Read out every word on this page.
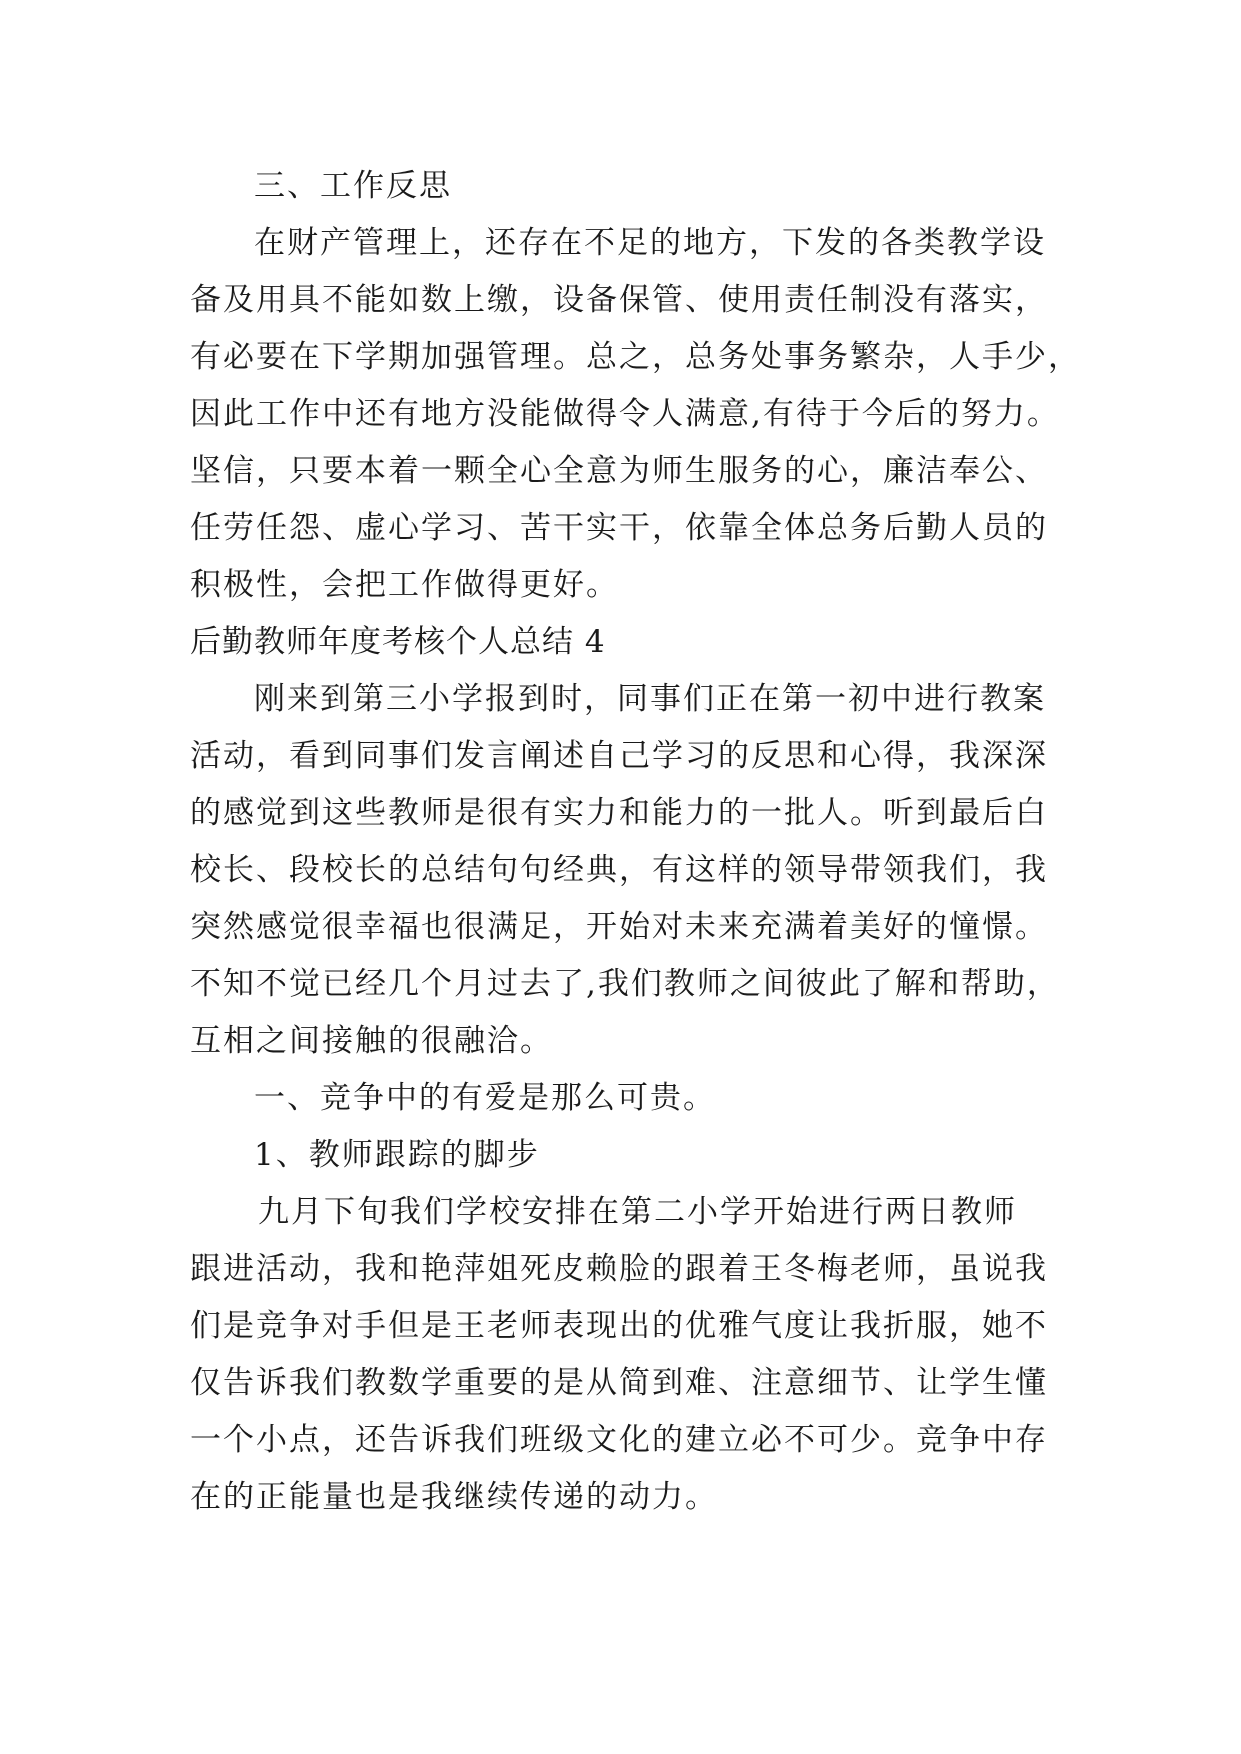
三、工作反思
在财产管理上，还存在不足的地方，下发的各类教学设
备及用具不能如数上缴，设备保管、使用责任制没有落实，
有必要在下学期加强管理。总之，总务处事务繁杂，人手少，
因此工作中还有地方没能做得令人满意,有待于今后的努力。
坚信，只要本着一颗全心全意为师生服务的心，廉洁奉公、
任劳任怨、虚心学习、苦干实干，依靠全体总务后勤人员的
积极性，会把工作做得更好。
后勤教师年度考核个人总结 4
刚来到第三小学报到时，同事们正在第一初中进行教案
活动，看到同事们发言阐述自己学习的反思和心得，我深深
的感觉到这些教师是很有实力和能力的一批人。听到最后白
校长、段校长的总结句句经典，有这样的领导带领我们，我
突然感觉很幸福也很满足，开始对未来充满着美好的憧憬。
不知不觉已经几个月过去了,我们教师之间彼此了解和帮助，
互相之间接触的很融洽。
一、竞争中的有爱是那么可贵。
1、教师跟踪的脚步
九月下旬我们学校安排在第二小学开始进行两日教师
跟进活动，我和艳萍姐死皮赖脸的跟着王冬梅老师，虽说我
们是竞争对手但是王老师表现出的优雅气度让我折服，她不
仅告诉我们教数学重要的是从简到难、注意细节、让学生懂
一个小点，还告诉我们班级文化的建立必不可少。竞争中存
在的正能量也是我继续传递的动力。
